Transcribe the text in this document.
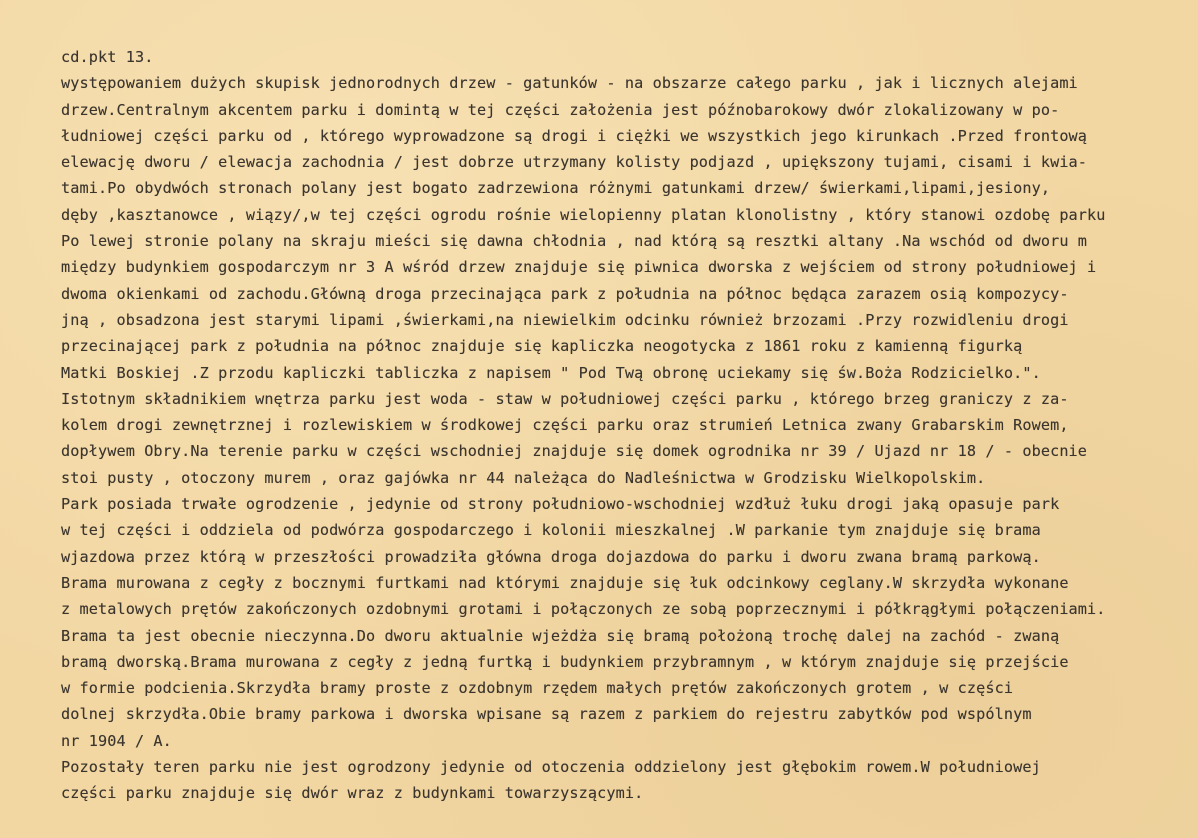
cd.pkt 13.
występowaniem dużych skupisk jednorodnych drzew - gatunków - na obszarze całego parku , jak i licznych alejami
drzew.Centralnym akcentem parku i domintą w tej części założenia jest późnobarokowy dwór zlokalizowany w po-
łudniowej części parku od , którego wyprowadzone są drogi i ciężki we wszystkich jego kirunkach .Przed frontową
elewację dworu / elewacja zachodnia / jest dobrze utrzymany kolisty podjazd , upiększony tujami, cisami i kwia-
tami.Po obydwóch stronach polany jest bogato zadrzewiona różnymi gatunkami drzew/ świerkami,lipami,jesiony,
dęby ,kasztanowce , wiązy/,w tej części ogrodu rośnie wielopienny platan klonolistny , który stanowi ozdobę parku
Po lewej stronie polany na skraju mieści się dawna chłodnia , nad którą są resztki altany .Na wschód od dworu m
między budynkiem gospodarczym nr 3 A wśród drzew znajduje się piwnica dworska z wejściem od strony południowej i
dwoma okienkami od zachodu.Główną droga przecinająca park z południa na północ będąca zarazem osią kompozycy-
jną , obsadzona jest starymi lipami ,świerkami,na niewielkim odcinku również brzozami .Przy rozwidleniu drogi
przecinającej park z południa na północ znajduje się kapliczka neogotycka z 1861 roku z kamienną figurką
Matki Boskiej .Z przodu kapliczki tabliczka z napisem " Pod Twą obronę uciekamy się św.Boża Rodzicielko.".
Istotnym składnikiem wnętrza parku jest woda - staw w południowej części parku , którego brzeg graniczy z za-
kolem drogi zewnętrznej i rozlewiskiem w środkowej części parku oraz strumień Letnica zwany Grabarskim Rowem,
dopływem Obry.Na terenie parku w części wschodniej znajduje się domek ogrodnika nr 39 / Ujazd nr 18 / - obecnie
stoi pusty , otoczony murem , oraz gajówka nr 44 należąca do Nadleśnictwa w Grodzisku Wielkopolskim.
Park posiada trwałe ogrodzenie , jedynie od strony południowo-wschodniej wzdłuż łuku drogi jaką opasuje park
w tej części i oddziela od podwórza gospodarczego i kolonii mieszkalnej .W parkanie tym znajduje się brama
wjazdowa przez którą w przeszłości prowadziła główna droga dojazdowa do parku i dworu zwana bramą parkową.
Brama murowana z cegły z bocznymi furtkami nad którymi znajduje się łuk odcinkowy ceglany.W skrzydła wykonane
z metalowych prętów zakończonych ozdobnymi grotami i połączonych ze sobą poprzecznymi i półkrągłymi połączeniami.
Brama ta jest obecnie nieczynna.Do dworu aktualnie wjeżdża się bramą położoną trochę dalej na zachód - zwaną
bramą dworską.Brama murowana z cegły z jedną furtką i budynkiem przybramnym , w którym znajduje się przejście
w formie podcienia.Skrzydła bramy proste z ozdobnym rzędem małych prętów zakończonych grotem , w części
dolnej skrzydła.Obie bramy parkowa i dworska wpisane są razem z parkiem do rejestru zabytków pod wspólnym
nr 1904 / A.
Pozostały teren parku nie jest ogrodzony jedynie od otoczenia oddzielony jest głębokim rowem.W południowej
części parku znajduje się dwór wraz z budynkami towarzyszącymi.
